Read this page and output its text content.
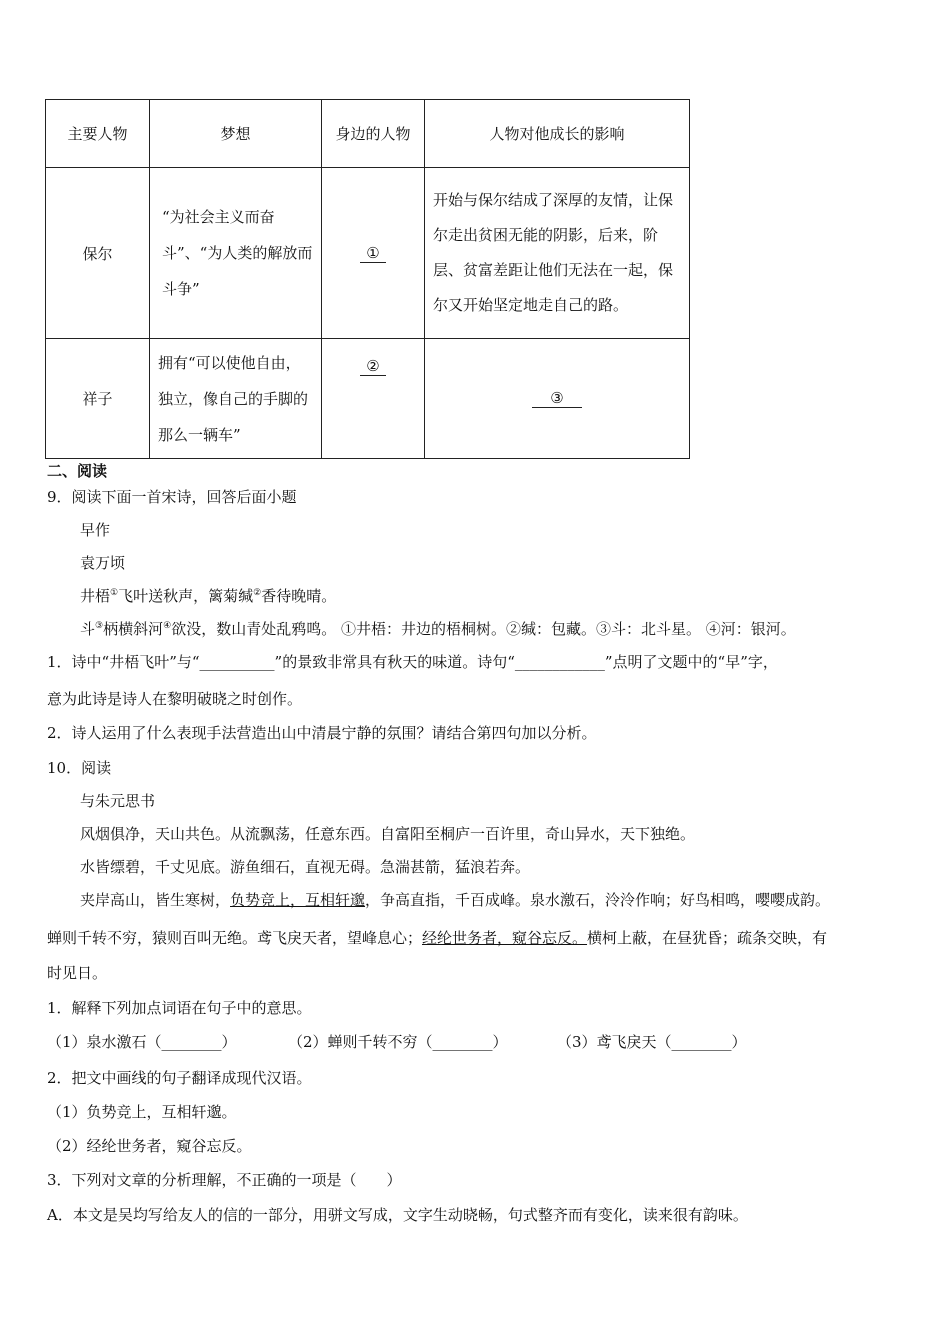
主要人物	梦想	身边的人物	人物对他成长的影响
保尔	“为社会主义而奋斗”、“为人类的解放而斗争”	①	开始与保尔结成了深厚的友情，让保尔走出贫困无能的阴影，后来，阶层、贫富差距让他们无法在一起，保尔又开始坚定地走自己的路。
祥子	拥有“可以使他自由，独立，像自己的手脚的那么一辆车”	②	③
二、阅读
9．阅读下面一首宋诗，回答后面小题
早作
袁万顷
井梧①飞叶送秋声，篱菊缄②香待晚晴。
斗③柄横斜河④欲没，数山青处乱鸦鸣。 ①井梧：井边的梧桐树。②缄：包藏。③斗：北斗星。 ④河：银河。
1．诗中“井梧飞叶”与“__________”的景致非常具有秋天的味道。诗句“____________”点明了文题中的“早”字，
意为此诗是诗人在黎明破晓之时创作。
2．诗人运用了什么表现手法营造出山中清晨宁静的氛围？请结合第四句加以分析。
10．阅读
与朱元思书
风烟俱净，天山共色。从流飘荡，任意东西。自富阳至桐庐一百许里，奇山异水，天下独绝。
水皆缥碧，千丈见底。游鱼细石，直视无碍。急湍甚箭，猛浪若奔。
夹岸高山，皆生寒树，负势竞上，互相轩邈，争高直指，千百成峰。泉水激石，泠泠作响；好鸟相鸣，嘤嘤成韵。
蝉则千转不穷，猿则百叫无绝。鸢飞戾天者，望峰息心；经纶世务者，窥谷忘反。横柯上蔽，在昼犹昏；疏条交映，有
时见日。
1．解释下列加点词语在句子中的意思。
（1）泉水激石（________）	（2）蝉则千转不穷（________）	（3）鸢飞戾天（________）
2．把文中画线的句子翻译成现代汉语。
（1）负势竞上，互相轩邈。
（2）经纶世务者，窥谷忘反。
3．下列对文章的分析理解，不正确的一项是（　　）
A．本文是吴均写给友人的信的一部分，用骈文写成，文字生动晓畅，句式整齐而有变化，读来很有韵味。
